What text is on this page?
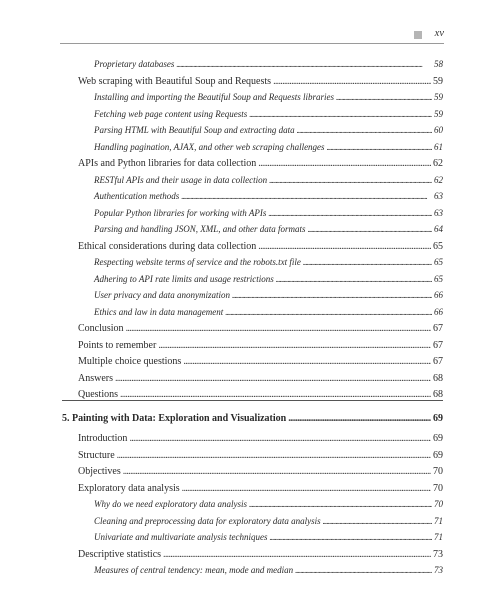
xv
Proprietary databases . . .	58
Web scraping with Beautiful Soup and Requests . . .	59
Installing and importing the Beautiful Soup and Requests libraries . . .	59
Fetching web page content using Requests . . .	59
Parsing HTML with Beautiful Soup and extracting data . . .	60
Handling pagination, AJAX, and other web scraping challenges . . .	61
APIs and Python libraries for data collection . . .	62
RESTful APIs and their usage in data collection . . .	62
Authentication methods . . .	63
Popular Python libraries for working with APIs . . .	63
Parsing and handling JSON, XML, and other data formats . . .	64
Ethical considerations during data collection . . .	65
Respecting website terms of service and the robots.txt file . . .	65
Adhering to API rate limits and usage restrictions . . .	65
User privacy and data anonymization . . .	66
Ethics and law in data management . . .	66
Conclusion . . .	67
Points to remember . . .	67
Multiple choice questions . . .	67
Answers . . .	68
Questions . . .	68
5. Painting with Data: Exploration and Visualization . . .	69
Introduction . . .	69
Structure . . .	69
Objectives . . .	70
Exploratory data analysis . . .	70
Why do we need exploratory data analysis . . .	70
Cleaning and preprocessing data for exploratory data analysis . . .	71
Univariate and multivariate analysis techniques . . .	71
Descriptive statistics . . .	73
Measures of central tendency: mean, mode and median . . .	73
